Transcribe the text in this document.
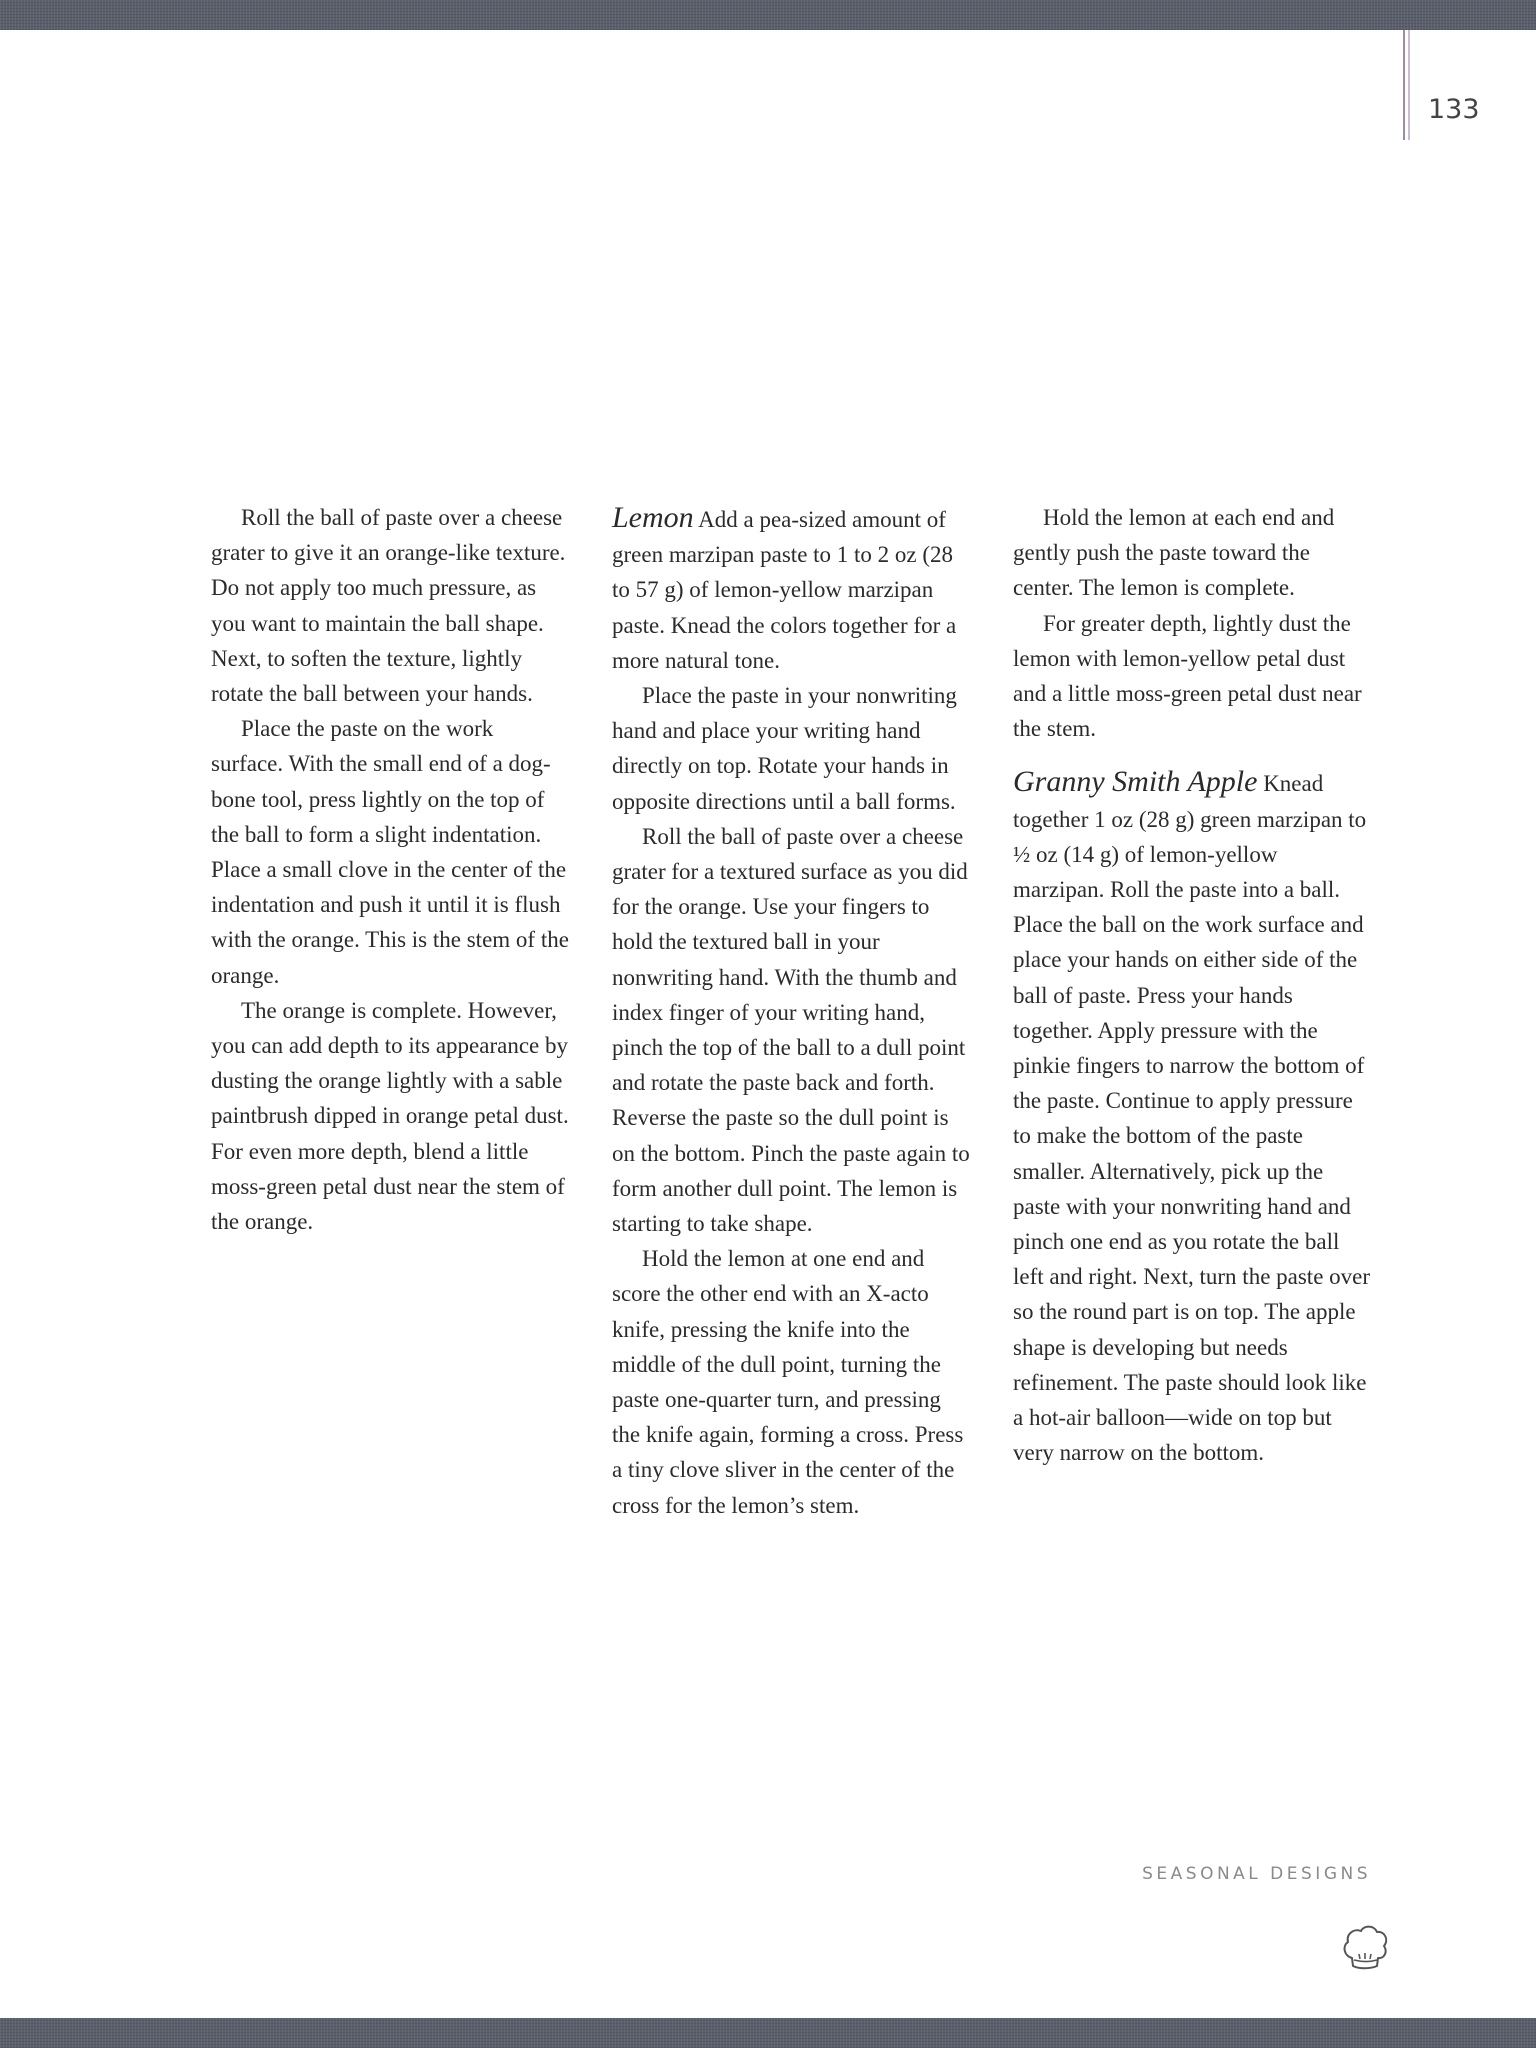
133

Roll the ball of paste over a cheese grater to give it an orange-like texture. Do not apply too much pressure, as you want to maintain the ball shape. Next, to soften the texture, lightly rotate the ball between your hands.

Place the paste on the work surface. With the small end of a dog-bone tool, press lightly on the top of the ball to form a slight indentation. Place a small clove in the center of the indentation and push it until it is flush with the orange. This is the stem of the orange.

The orange is complete. However, you can add depth to its appearance by dusting the orange lightly with a sable paintbrush dipped in orange petal dust. For even more depth, blend a little moss-green petal dust near the stem of the orange.

Lemon Add a pea-sized amount of green marzipan paste to 1 to 2 oz (28 to 57 g) of lemon-yellow marzipan paste. Knead the colors together for a more natural tone.

Place the paste in your nonwriting hand and place your writing hand directly on top. Rotate your hands in opposite directions until a ball forms.

Roll the ball of paste over a cheese grater for a textured surface as you did for the orange. Use your fingers to hold the textured ball in your nonwriting hand. With the thumb and index finger of your writing hand, pinch the top of the ball to a dull point and rotate the paste back and forth. Reverse the paste so the dull point is on the bottom. Pinch the paste again to form another dull point. The lemon is starting to take shape.

Hold the lemon at one end and score the other end with an X-acto knife, pressing the knife into the middle of the dull point, turning the paste one-quarter turn, and pressing the knife again, forming a cross. Press a tiny clove sliver in the center of the cross for the lemon’s stem.

Hold the lemon at each end and gently push the paste toward the center. The lemon is complete.

For greater depth, lightly dust the lemon with lemon-yellow petal dust and a little moss-green petal dust near the stem.

Granny Smith Apple Knead together 1 oz (28 g) green marzipan to ½ oz (14 g) of lemon-yellow marzipan. Roll the paste into a ball. Place the ball on the work surface and place your hands on either side of the ball of paste. Press your hands together. Apply pressure with the pinkie fingers to narrow the bottom of the paste. Continue to apply pressure to make the bottom of the paste smaller. Alternatively, pick up the paste with your nonwriting hand and pinch one end as you rotate the ball left and right. Next, turn the paste over so the round part is on top. The apple shape is developing but needs refinement. The paste should look like a hot-air balloon—wide on top but very narrow on the bottom.

SEASONAL DESIGNS
